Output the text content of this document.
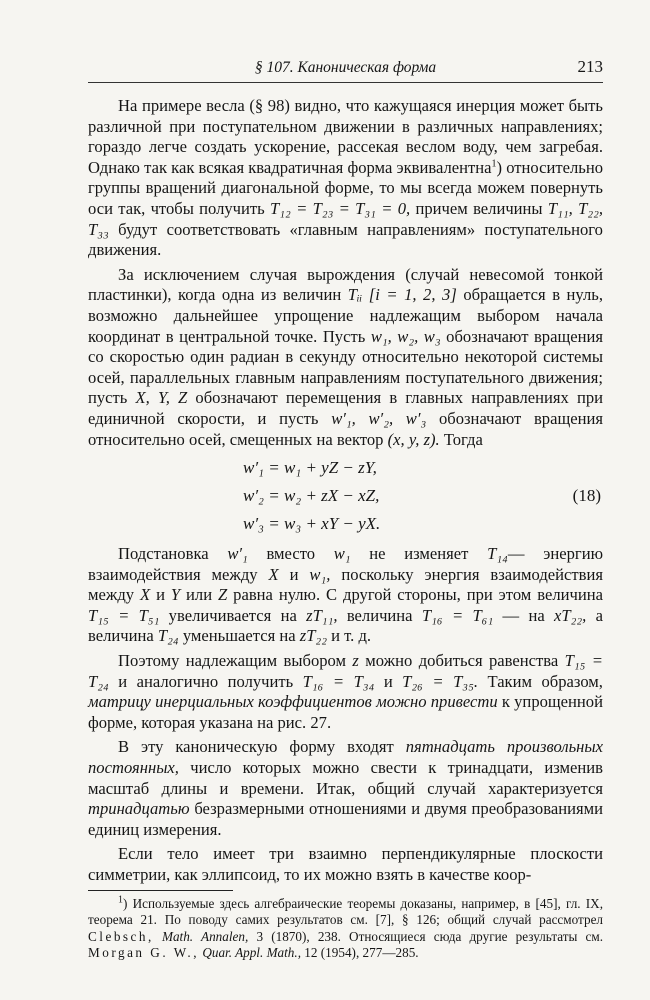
§ 107. Каноническая форма	213

На примере весла (§ 98) видно, что кажущаяся инерция может быть различной при поступательном движении в различных направлениях; гораздо легче создать ускорение, рассекая веслом воду, чем загребая. Однако так как всякая квадратичная форма эквивалентна$^1$) относительно группы вращений диагональной форме, то мы всегда можем повернуть оси так, чтобы получить T₁₂ = T₂₃ = T₃₁ = 0, причем величины T₁₁, T₂₂, T₃₃ будут соответствовать «главным направлениям» поступательного движения.

За исключением случая вырождения (случай невесомой тонкой пластинки), когда одна из величин Tᵢᵢ [i = 1, 2, 3] обращается в нуль, возможно дальнейшее упрощение надлежащим выбором начала координат в центральной точке. Пусть w₁, w₂, w₃ обозначают вращения со скоростью один радиан в секунду относительно некоторой системы осей, параллельных главным направлениям поступательного движения; пусть X, Y, Z обозначают перемещения в главных направлениях при единичной скорости, и пусть w′₁, w′₂, w′₃ обозначают вращения относительно осей, смещенных на вектор (x, y, z). Тогда

w′₁ = w₁ + yZ − zY,
w′₂ = w₂ + zX − xZ,
w′₃ = w₃ + xY − yX.
(18)

Подстановка w′₁ вместо w₁ не изменяет T₁₄— энергию взаимодействия между X и w₁, поскольку энергия взаимодействия между X и Y или Z равна нулю. С другой стороны, при этом величина T₁₅ = T₅₁ увеличивается на zT₁₁, величина T₁₆ = T₆₁ — на xT₂₂, а величина T₂₄ уменьшается на zT₂₂ и т. д.

Поэтому надлежащим выбором z можно добиться равенства T₁₅ = T₂₄ и аналогично получить T₁₆ = T₃₄ и T₂₆ = T₃₅. Таким образом, матрицу инерциальных коэффициентов можно привести к упрощенной форме, которая указана на рис. 27.

В эту каноническую форму входят пятнадцать произвольных постоянных, число которых можно свести к тринадцати, изменив масштаб длины и времени. Итак, общий случай характеризуется тринадцатью безразмерными отношениями и двумя преобразованиями единиц измерения.

Если тело имеет три взаимно перпендикулярные плоскости симметрии, как эллипсоид, то их можно взять в качестве коор-

$^1$) Используемые здесь алгебраические теоремы доказаны, например, в [45], гл. IX, теорема 21. По поводу самих результатов см. [7], § 126; общий случай рассмотрел Clebsch, Math. Annalen, 3 (1870), 238. Относящиеся сюда другие результаты см. Morgan G. W., Quar. Appl. Math., 12 (1954), 277—285.
